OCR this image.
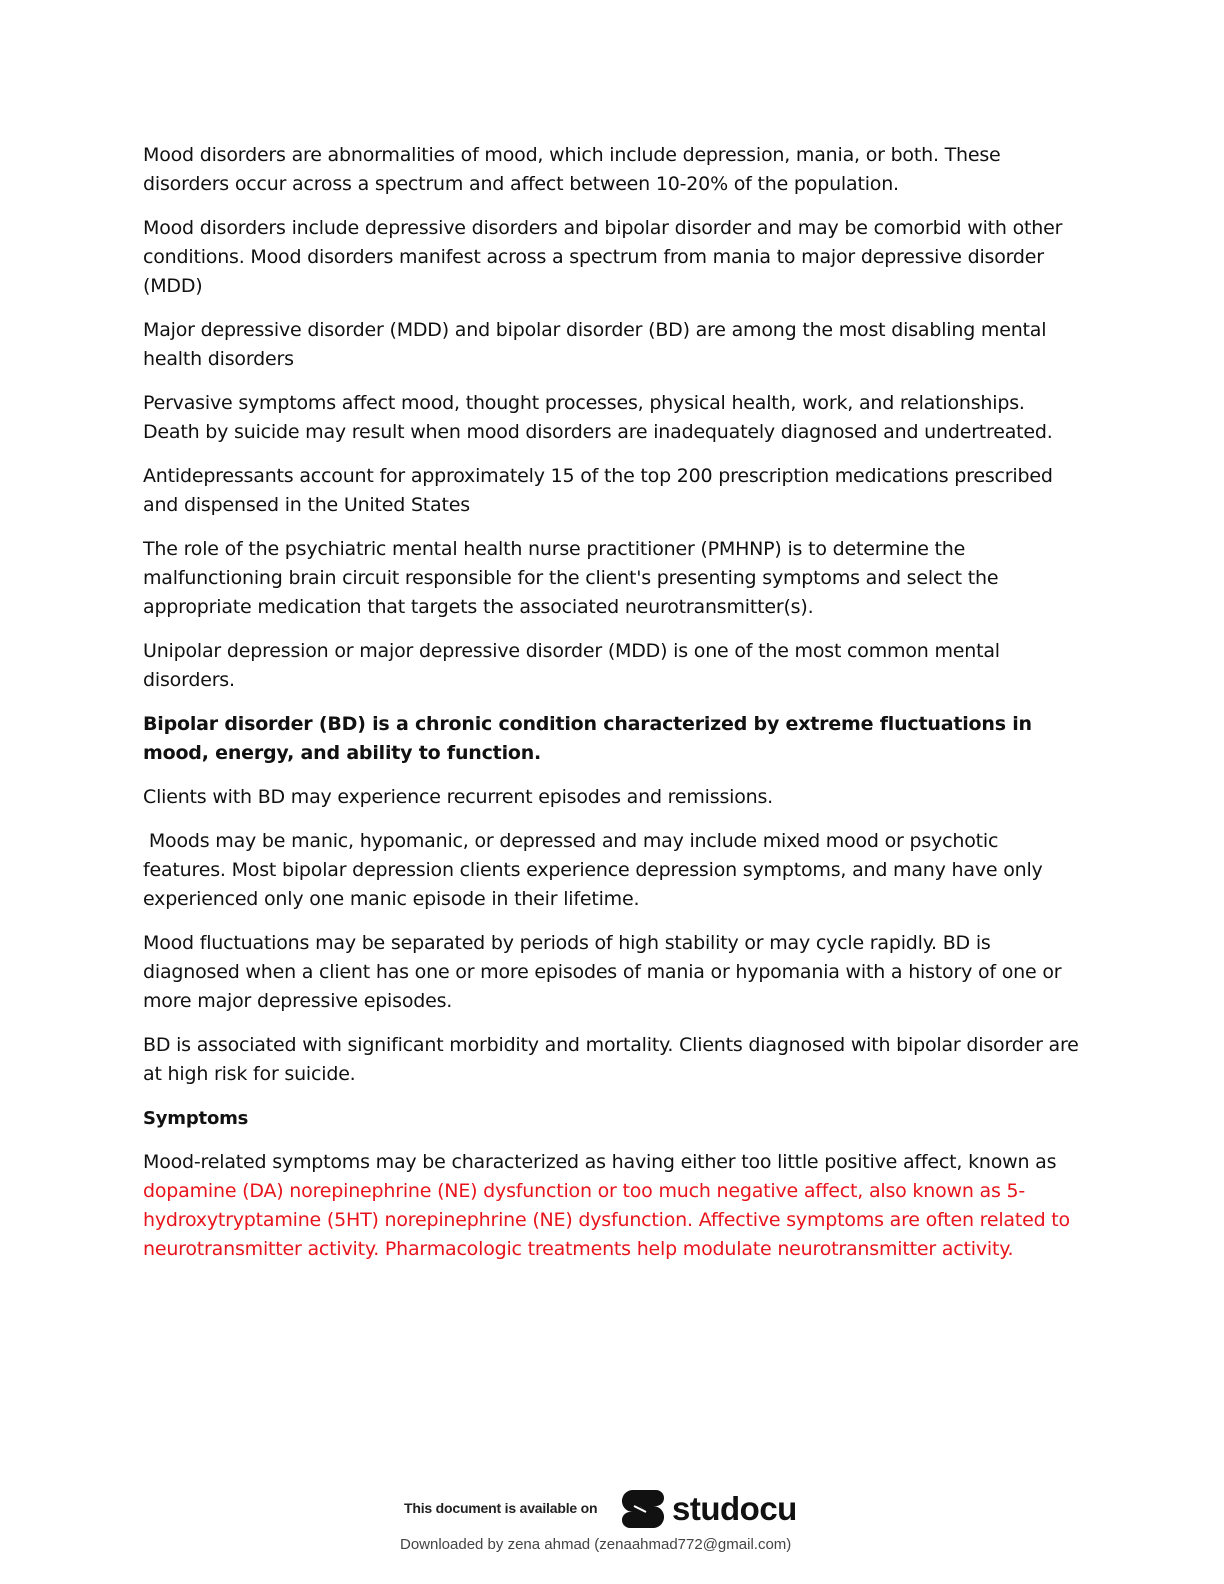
Mood disorders are abnormalities of mood, which include depression, mania, or both. These disorders occur across a spectrum and affect between 10-20% of the population.

Mood disorders include depressive disorders and bipolar disorder and may be comorbid with other conditions. Mood disorders manifest across a spectrum from mania to major depressive disorder (MDD)

Major depressive disorder (MDD) and bipolar disorder (BD) are among the most disabling mental health disorders

Pervasive symptoms affect mood, thought processes, physical health, work, and relationships. Death by suicide may result when mood disorders are inadequately diagnosed and undertreated.

Antidepressants account for approximately 15 of the top 200 prescription medications prescribed and dispensed in the United States

The role of the psychiatric mental health nurse practitioner (PMHNP) is to determine the malfunctioning brain circuit responsible for the client's presenting symptoms and select the appropriate medication that targets the associated neurotransmitter(s).

Unipolar depression or major depressive disorder (MDD) is one of the most common mental disorders.

Bipolar disorder (BD) is a chronic condition characterized by extreme fluctuations in mood, energy, and ability to function.

Clients with BD may experience recurrent episodes and remissions.

Moods may be manic, hypomanic, or depressed and may include mixed mood or psychotic features. Most bipolar depression clients experience depression symptoms, and many have only experienced only one manic episode in their lifetime.

Mood fluctuations may be separated by periods of high stability or may cycle rapidly. BD is diagnosed when a client has one or more episodes of mania or hypomania with a history of one or more major depressive episodes.

BD is associated with significant morbidity and mortality. Clients diagnosed with bipolar disorder are at high risk for suicide.

Symptoms

Mood-related symptoms may be characterized as having either too little positive affect, known as dopamine (DA) norepinephrine (NE) dysfunction or too much negative affect, also known as 5-hydroxytryptamine (5HT) norepinephrine (NE) dysfunction. Affective symptoms are often related to neurotransmitter activity. Pharmacologic treatments help modulate neurotransmitter activity.

This document is available on studocu
Downloaded by zena ahmad (zenaahmad772@gmail.com)
